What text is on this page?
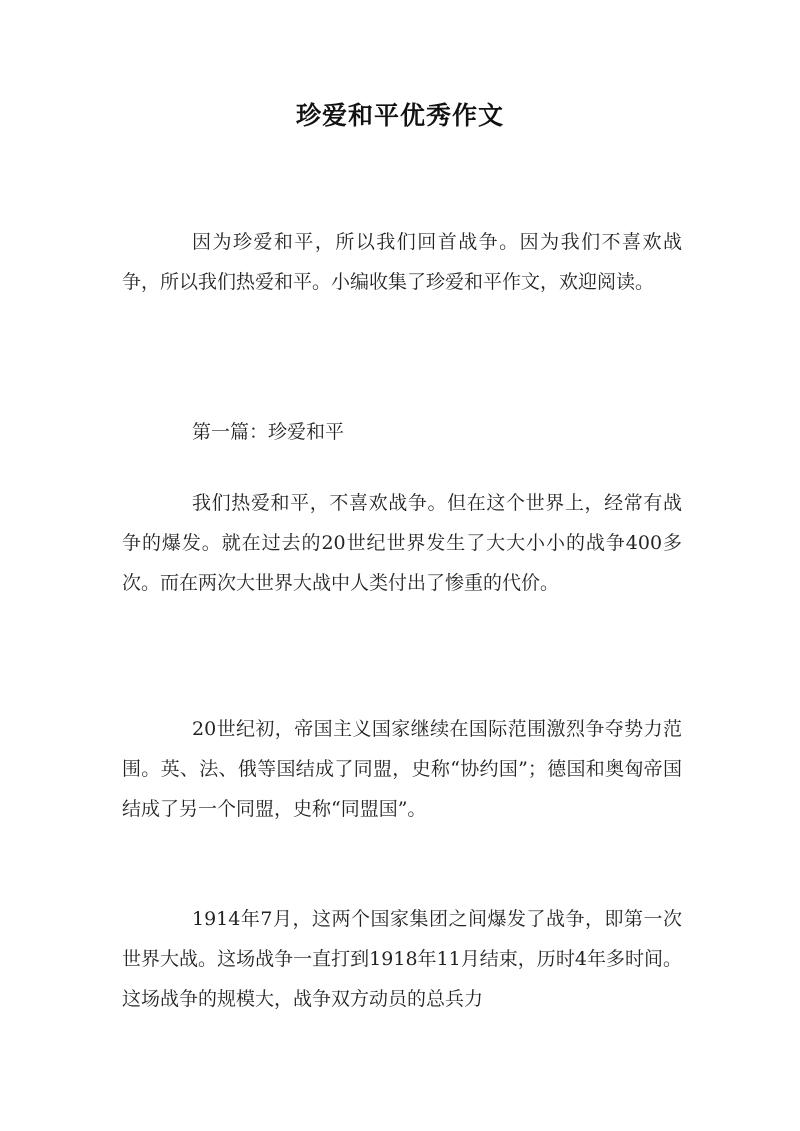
珍爱和平优秀作文
因为珍爱和平，所以我们回首战争。因为我们不喜欢战争，所以我们热爱和平。小编收集了珍爱和平作文，欢迎阅读。
第一篇：珍爱和平
我们热爱和平，不喜欢战争。但在这个世界上，经常有战争的爆发。就在过去的20世纪世界发生了大大小小的战争400多次。而在两次大世界大战中人类付出了惨重的代价。
20世纪初，帝国主义国家继续在国际范围激烈争夺势力范围。英、法、俄等国结成了同盟，史称“协约国”；德国和奥匈帝国结成了另一个同盟，史称“同盟国”。
1914年7月，这两个国家集团之间爆发了战争，即第一次世界大战。这场战争一直打到1918年11月结束，历时4年多时间。这场战争的规模大，战争双方动员的总兵力
